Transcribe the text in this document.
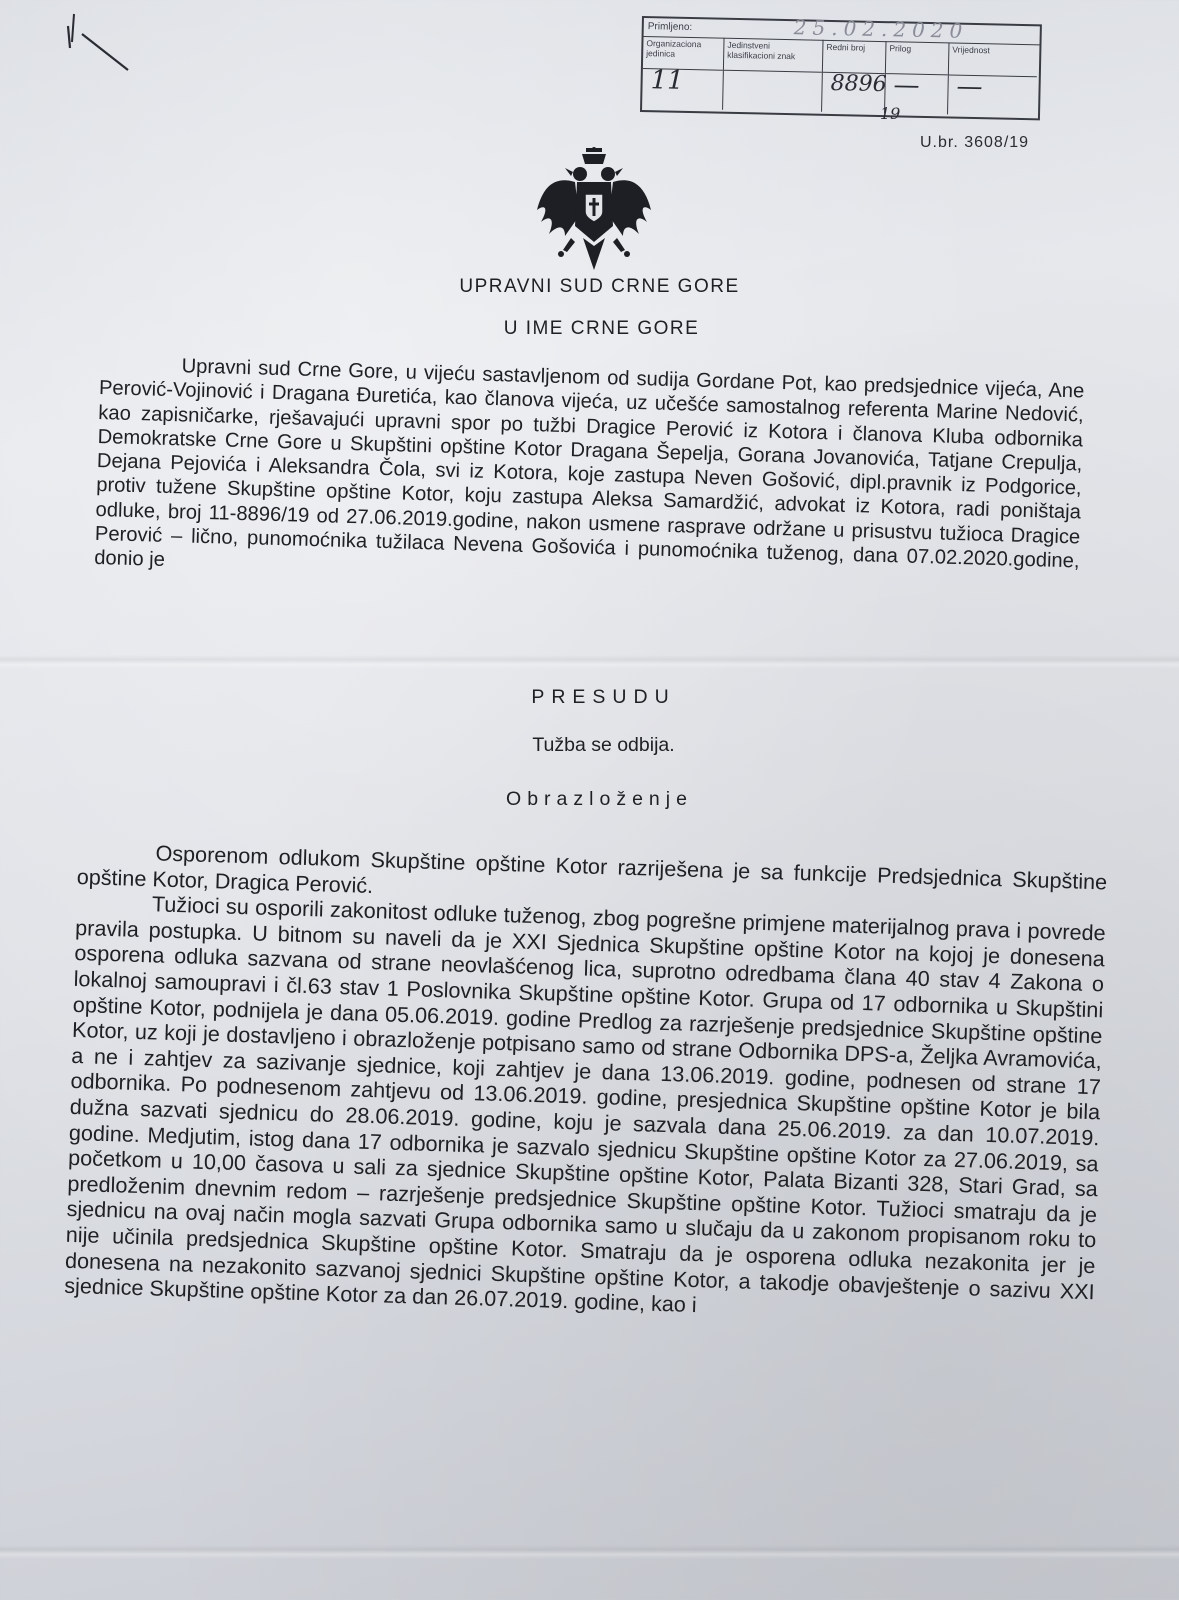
Primljeno:	25.02.2020
Organizaciona jedinica
11
Jedinstveni klasifikacioni znak
Redni broj
8896
Prilog
—
Vrijednost
—
19
U.br. 3608/19
UPRAVNI SUD CRNE GORE
U IME CRNE GORE
Upravni sud Crne Gore, u vijeću sastavljenom od sudija Gordane Pot, kao predsjednice vijeća, Ane Perović-Vojinović i Dragana Đuretića, kao članova vijeća, uz učešće samostalnog referenta Marine Nedović, kao zapisničarke, rješavajući upravni spor po tužbi Dragice Perović iz Kotora i članova Kluba odbornika Demokratske Crne Gore u Skupštini opštine Kotor Dragana Šepelja, Gorana Jovanovića, Tatjane Crepulja, Dejana Pejovića i Aleksandra Čola, svi iz Kotora, koje zastupa Neven Gošović, dipl.pravnik iz Podgorice, protiv tužene Skupštine opštine Kotor, koju zastupa Aleksa Samardžić, advokat iz Kotora, radi poništaja odluke, broj 11-8896/19 od 27.06.2019.godine, nakon usmene rasprave održane u prisustvu tužioca Dragice Perović – lično, punomoćnika tužilaca Nevena Gošovića i punomoćnika tuženog, dana 07.02.2020.godine, donio je
PRESUDU
Tužba se odbija.
Obrazloženje

Osporenom odlukom Skupštine opštine Kotor razriješena je sa funkcije Predsjednica Skupštine opštine Kotor, Dragica Perović.

Tužioci su osporili zakonitost odluke tuženog, zbog pogrešne primjene materijalnog prava i povrede pravila postupka. U bitnom su naveli da je XXI Sjednica Skupštine opštine Kotor na kojoj je donesena osporena odluka sazvana od strane neovlašćenog lica, suprotno odredbama člana 40 stav 4 Zakona o lokalnoj samoupravi i čl.63 stav 1 Poslovnika Skupštine opštine Kotor. Grupa od 17 odbornika u Skupštini opštine Kotor, podnijela je dana 05.06.2019. godine Predlog za razrješenje predsjednice Skupštine opštine Kotor, uz koji je dostavljeno i obrazloženje potpisano samo od strane Odbornika DPS-a, Željka Avramovića, a ne i zahtjev za sazivanje sjednice, koji zahtjev je dana 13.06.2019. godine, podnesen od strane 17 odbornika. Po podnesenom zahtjevu od 13.06.2019. godine, presjednica Skupštine opštine Kotor je bila dužna sazvati sjednicu do 28.06.2019. godine, koju je sazvala dana 25.06.2019. za dan 10.07.2019. godine. Medjutim, istog dana 17 odbornika je sazvalo sjednicu Skupštine opštine Kotor za 27.06.2019, sa početkom u 10,00 časova u sali za sjednice Skupštine opštine Kotor, Palata Bizanti 328, Stari Grad, sa predloženim dnevnim redom – razrješenje predsjednice Skupštine opštine Kotor. Tužioci smatraju da je sjednicu na ovaj način mogla sazvati Grupa odbornika samo u slučaju da u zakonom propisanom roku to nije učinila predsjednica Skupštine opštine Kotor. Smatraju da je osporena odluka nezakonita jer je donesena na nezakonito sazvanoj sjednici Skupštine opštine Kotor, a takodje obavještenje o sazivu XXI sjednice Skupštine opštine Kotor za dan 26.07.2019. godine, kao i
